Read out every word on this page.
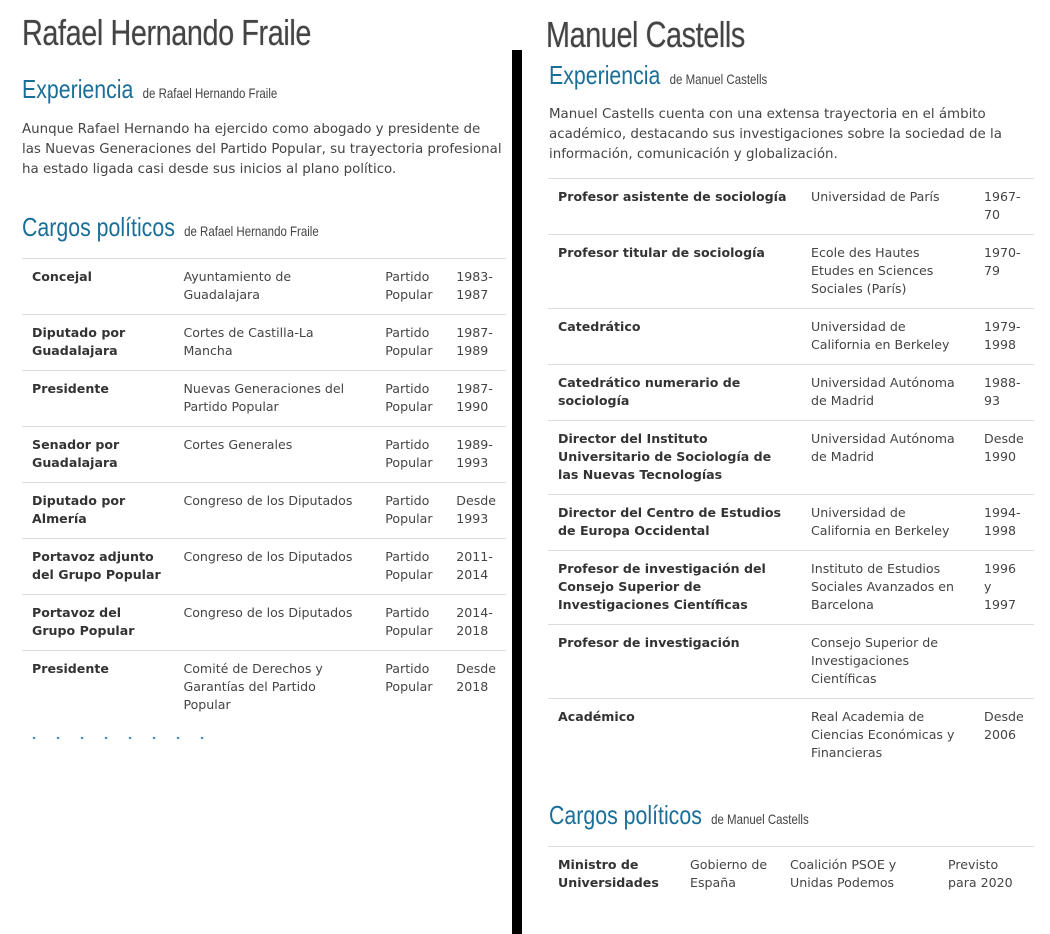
Rafael Hernando Fraile
Experiencia de Rafael Hernando Fraile

Aunque Rafael Hernando ha ejercido como abogado y presidente de las Nuevas Generaciones del Partido Popular, su trayectoria profesional ha estado ligada casi desde sus inicios al plano político.

Cargos políticos de Rafael Hernando Fraile
Concejal	Ayuntamiento de Guadalajara	Partido Popular	1983-1987
Diputado por Guadalajara	Cortes de Castilla-La Mancha	Partido Popular	1987-1989
Presidente	Nuevas Generaciones del Partido Popular	Partido Popular	1987-1990
Senador por Guadalajara	Cortes Generales	Partido Popular	1989-1993
Diputado por Almería	Congreso de los Diputados	Partido Popular	Desde 1993
Portavoz adjunto del Grupo Popular	Congreso de los Diputados	Partido Popular	2011-2014
Portavoz del Grupo Popular	Congreso de los Diputados	Partido Popular	2014-2018
Presidente	Comité de Derechos y Garantías del Partido Popular	Partido Popular	Desde 2018
Manuel Castells
Experiencia de Manuel Castells

Manuel Castells cuenta con una extensa trayectoria en el ámbito académico, destacando sus investigaciones sobre la sociedad de la información, comunicación y globalización.

Profesor asistente de sociología	Universidad de París	1967-70
Profesor titular de sociología	Ecole des Hautes Etudes en Sciences Sociales (París)	1970-79
Catedrático	Universidad de California en Berkeley	1979-1998
Catedrático numerario de sociología	Universidad Autónoma de Madrid	1988-93
Director del Instituto Universitario de Sociología de las Nuevas Tecnologías	Universidad Autónoma de Madrid	Desde 1990
Director del Centro de Estudios de Europa Occidental	Universidad de California en Berkeley	1994-1998
Profesor de investigación del Consejo Superior de Investigaciones Científicas	Instituto de Estudios Sociales Avanzados en Barcelona	1996 y 1997
Profesor de investigación	Consejo Superior de Investigaciones Científicas	
Académico	Real Academia de Ciencias Económicas y Financieras	Desde 2006
Cargos políticos de Manuel Castells
Ministro de Universidades	Gobierno de España	Coalición PSOE y Unidas Podemos	Previsto para 2020
